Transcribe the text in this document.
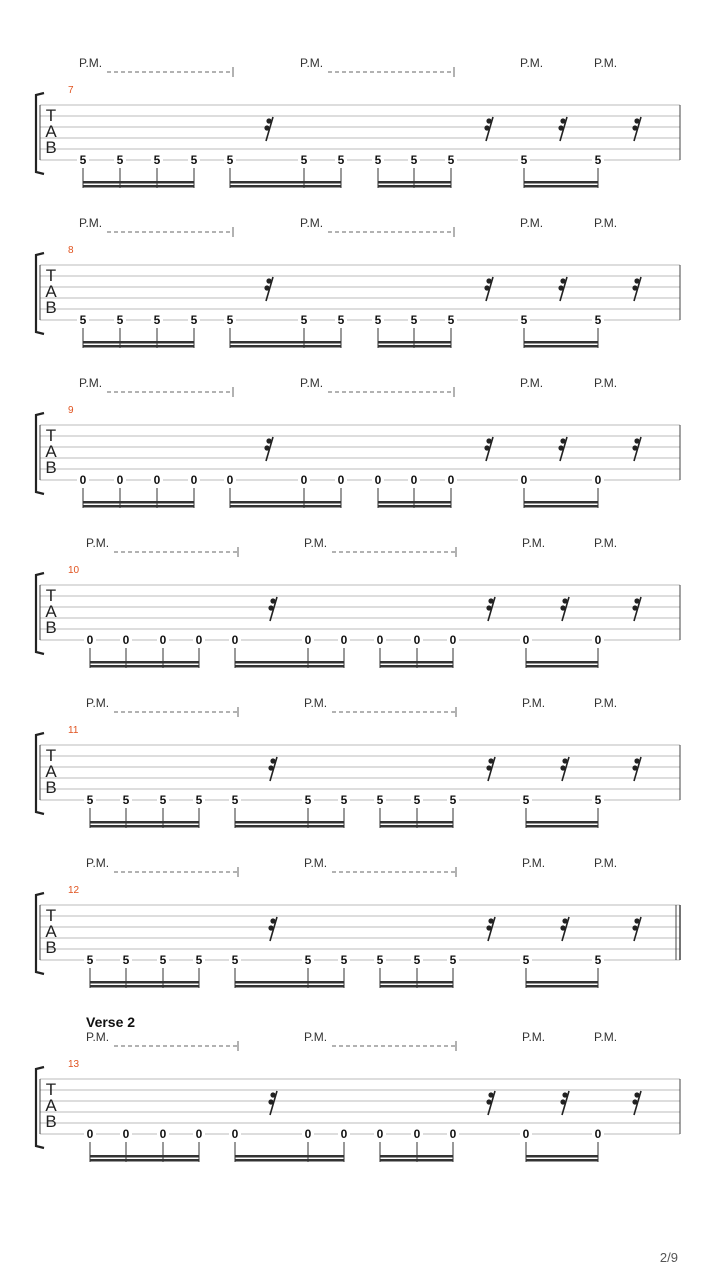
P.M.	P.M.	P.M.	P.M.
7
T
A
B
5	5	5	5 5	5	5	5 5	5	5	5
P.M.	P.M.	P.M.	P.M.
8
T
A
B
5	5	5	5 5	5	5	5 5	5	5	5
P.M.	P.M.	P.M.	P.M.
9
T
A
B
0	0	0	0 0	0	0	0 0	0	0	0
P.M.	P.M.	P.M.	P.M.
10
T
A
B
0 0	0 0 0	0 0 0	0 0	0	0
P.M.	P.M.	P.M.	P.M.
11
T
A
B
5 5	5 5 5	5 5 5	5 5	5	5
P.M.	P.M.	P.M.	P.M.
12
T
A
B
5 5	5 5 5	5 5 5	5 5	5	5
Verse 2
P.M.	P.M.	P.M.	P.M.
13
T
A
B
0 0	0 0 0	0 0 0	0 0	0	0
2/9
